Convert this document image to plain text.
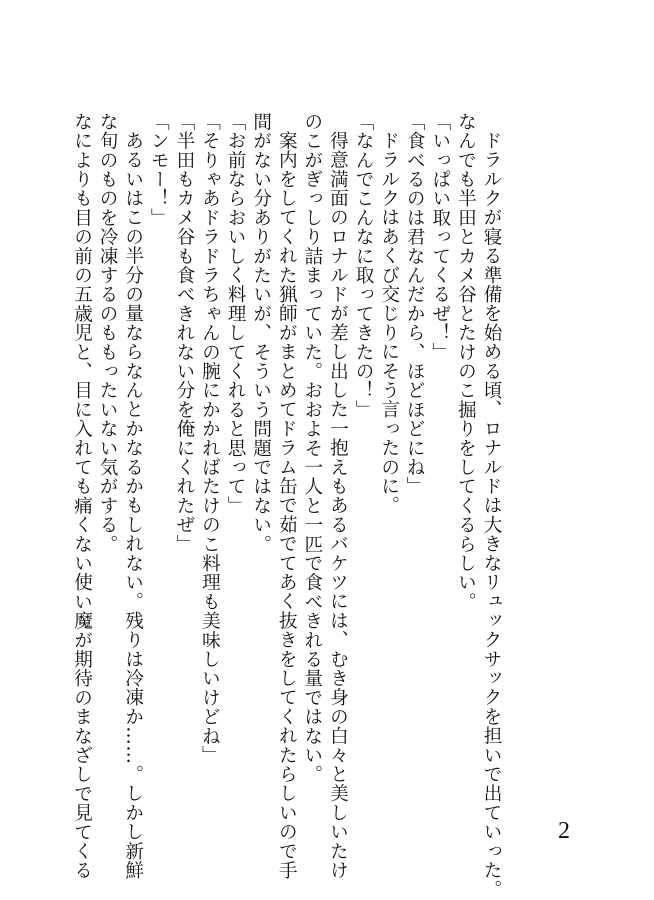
ドラルクが寝る準備を始める頃、ロナルドは大きなリュックサックを担いで出ていった。
なんでも半田とカメ谷とたけのこ掘りをしてくるらしい。
「いっぱい取ってくるぜ！」
「食べるのは君なんだから、ほどほどにね」
ドラルクはあくび交じりにそう言ったのに。
「なんでこんなに取ってきたの！」
得意満面のロナルドが差し出した一抱えもあるバケツには、むき身の白々と美しいたけ
のこがぎっしり詰まっていた。おおよそ一人と一匹で食べきれる量ではない。
案内をしてくれた猟師がまとめてドラム缶で茹でてあく抜きをしてくれたらしいので手
間がない分ありがたいが、そういう問題ではない。
「お前ならおいしく料理してくれると思って」
「そりゃあドラドラちゃんの腕にかかればたけのこ料理も美味しいけどね」
「半田もカメ谷も食べきれない分を俺にくれたぜ」
「ンモー！」
あるいはこの半分の量ならなんとかなるかもしれない。残りは冷凍か……。しかし新鮮
な旬のものを冷凍するのももったいない気がする。
なによりも目の前の五歳児と、目に入れても痛くない使い魔が期待のまなざしで見てくる	2
